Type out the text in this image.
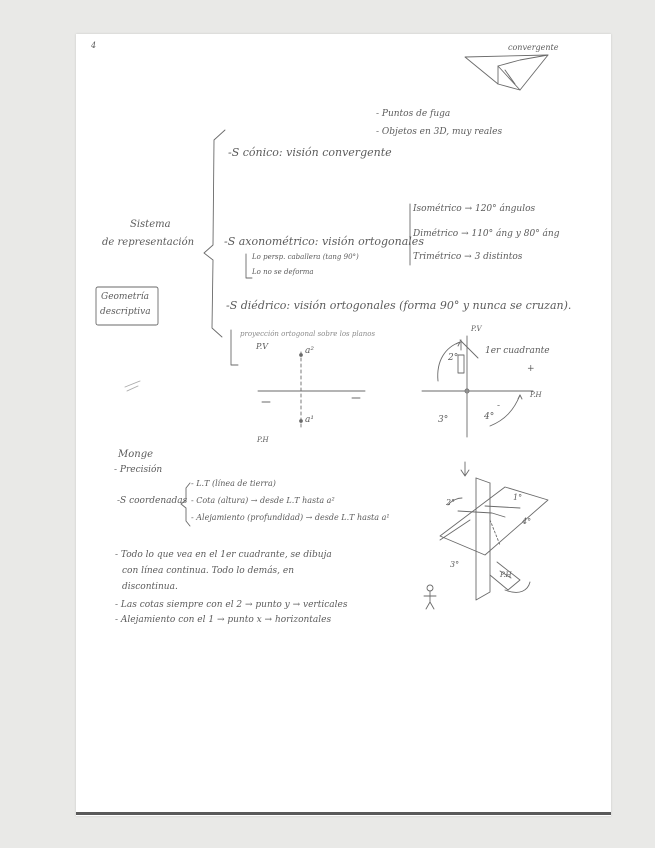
4	convergente
- Puntos de fuga
- Objetos en 3D, muy reales
-S cónico: visión convergente
Sistema
de representación
Isométrico → 120° ángulos
Dimétrico → 110° áng y 80° áng
Trimétrico → 3 distintos
-S axonométrico: visión ortogonales
Lo persp. caballera (tang 90°)
Lo no se deforma
Geometría
descriptiva	-S diédrico: visión ortogonales (forma 90° y nunca se cruzan).
proyección ortogonal sobre los planos
P.V	a²
a¹
P.H
P.V
2°
1er cuadrante
+
-
P.H
3°	4°
Monge
- Precisión
-S coordenadas
- L.T (línea de tierra)
- Cota (altura) → desde L.T hasta a²
- Alejamiento (profundidad) → desde L.T hasta a¹
2°
1°
3°
4°
P.H
- Todo lo que vea en el 1er cuadrante, se dibuja
con línea continua. Todo lo demás, en
discontinua.
- Las cotas siempre con el 2 → punto y → verticales
- Alejamiento con el 1 → punto x → horizontales
